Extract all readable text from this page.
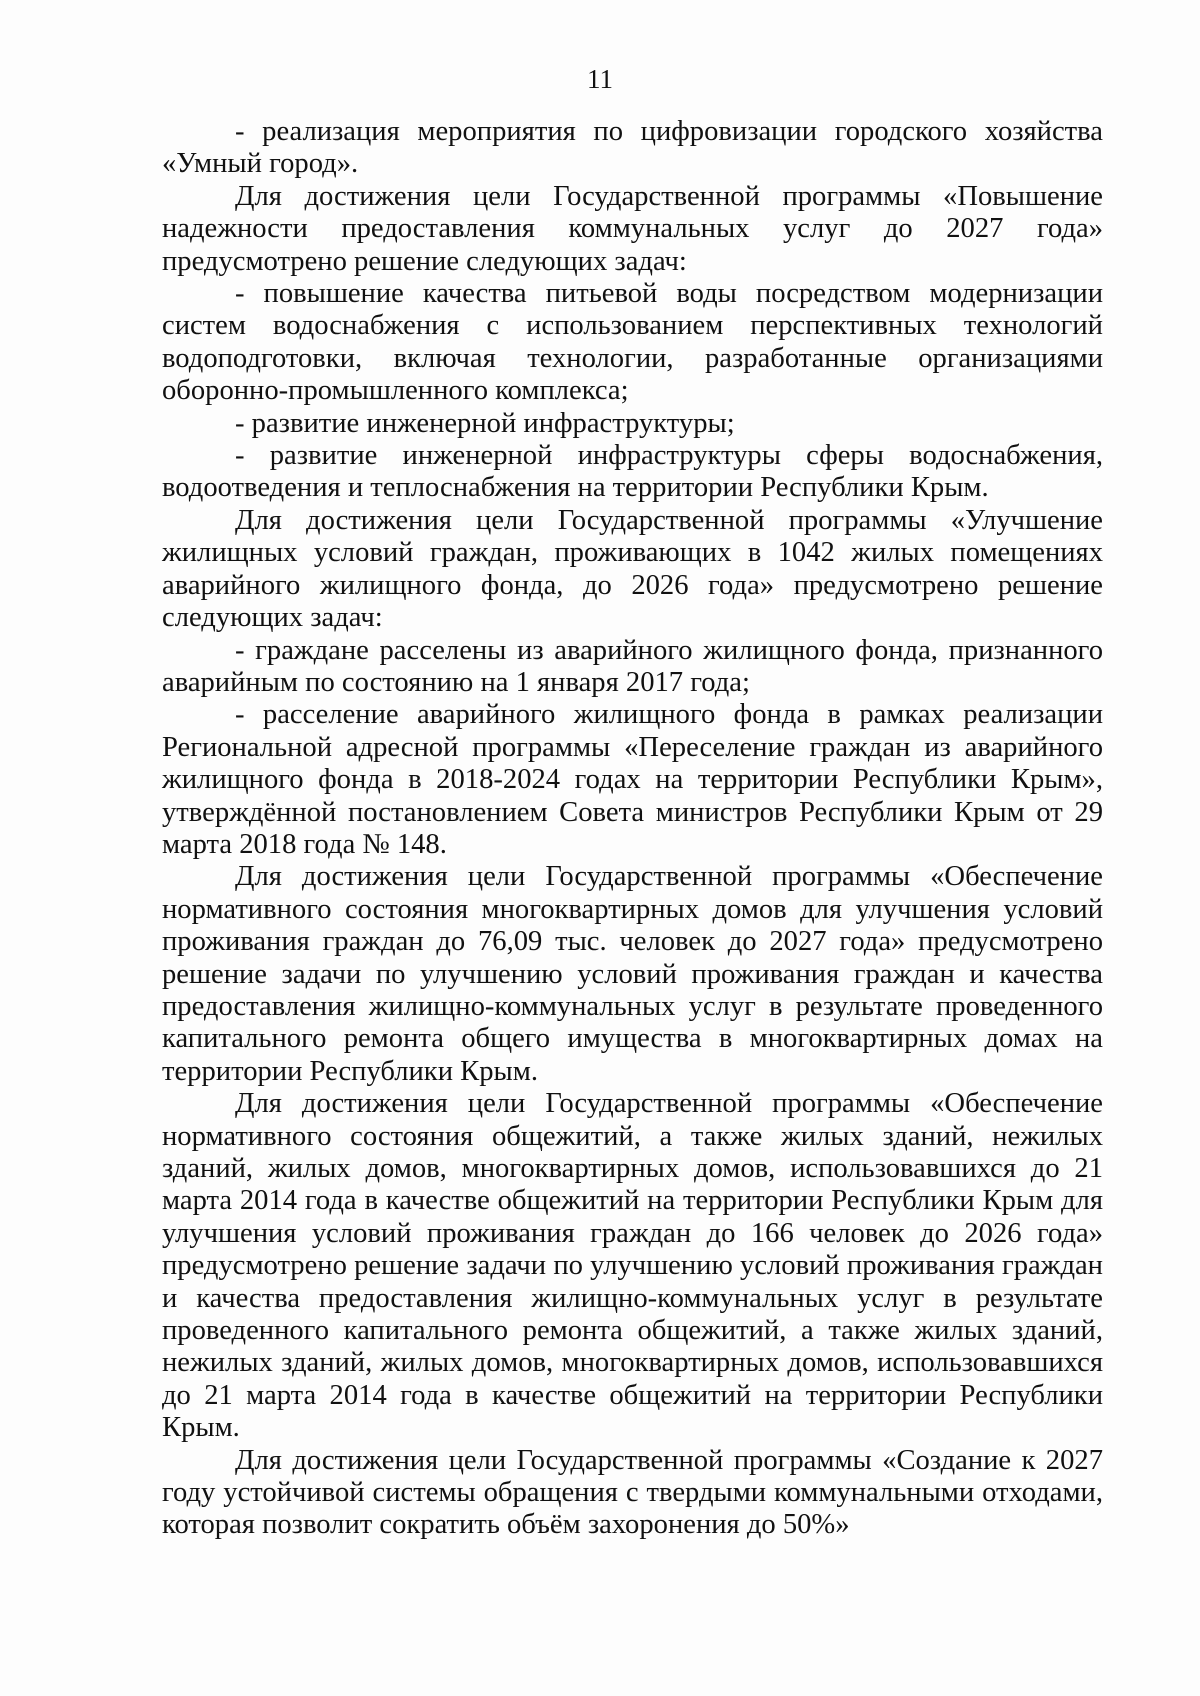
11

- реализация мероприятия по цифровизации городского хозяйства «Умный город».

Для достижения цели Государственной программы «Повышение надежности предоставления коммунальных услуг до 2027 года» предусмотрено решение следующих задач:

- повышение качества питьевой воды посредством модернизации систем водоснабжения с использованием перспективных технологий водоподготовки, включая технологии, разработанные организациями оборонно-промышленного комплекса;

- развитие инженерной инфраструктуры;

- развитие инженерной инфраструктуры сферы водоснабжения, водоотведения и теплоснабжения на территории Республики Крым.

Для достижения цели Государственной программы «Улучшение жилищных условий граждан, проживающих в 1042 жилых помещениях аварийного жилищного фонда, до 2026 года» предусмотрено решение следующих задач:

- граждане расселены из аварийного жилищного фонда, признанного аварийным по состоянию на 1 января 2017 года;

- расселение аварийного жилищного фонда в рамках реализации Региональной адресной программы «Переселение граждан из аварийного жилищного фонда в 2018-2024 годах на территории Республики Крым», утверждённой постановлением Совета министров Республики Крым от 29 марта 2018 года № 148.

Для достижения цели Государственной программы «Обеспечение нормативного состояния многоквартирных домов для улучшения условий проживания граждан до 76,09 тыс. человек до 2027 года» предусмотрено решение задачи по улучшению условий проживания граждан и качества предоставления жилищно-коммунальных услуг в результате проведенного капитального ремонта общего имущества в многоквартирных домах на территории Республики Крым.

Для достижения цели Государственной программы «Обеспечение нормативного состояния общежитий, а также жилых зданий, нежилых зданий, жилых домов, многоквартирных домов, использовавшихся до 21 марта 2014 года в качестве общежитий на территории Республики Крым для улучшения условий проживания граждан до 166 человек до 2026 года» предусмотрено решение задачи по улучшению условий проживания граждан и качества предоставления жилищно-коммунальных услуг в результате проведенного капитального ремонта общежитий, а также жилых зданий, нежилых зданий, жилых домов, многоквартирных домов, использовавшихся до 21 марта 2014 года в качестве общежитий на территории Республики Крым.

Для достижения цели Государственной программы «Создание к 2027 году устойчивой системы обращения с твердыми коммунальными отходами, которая позволит сократить объём захоронения до 50%»
